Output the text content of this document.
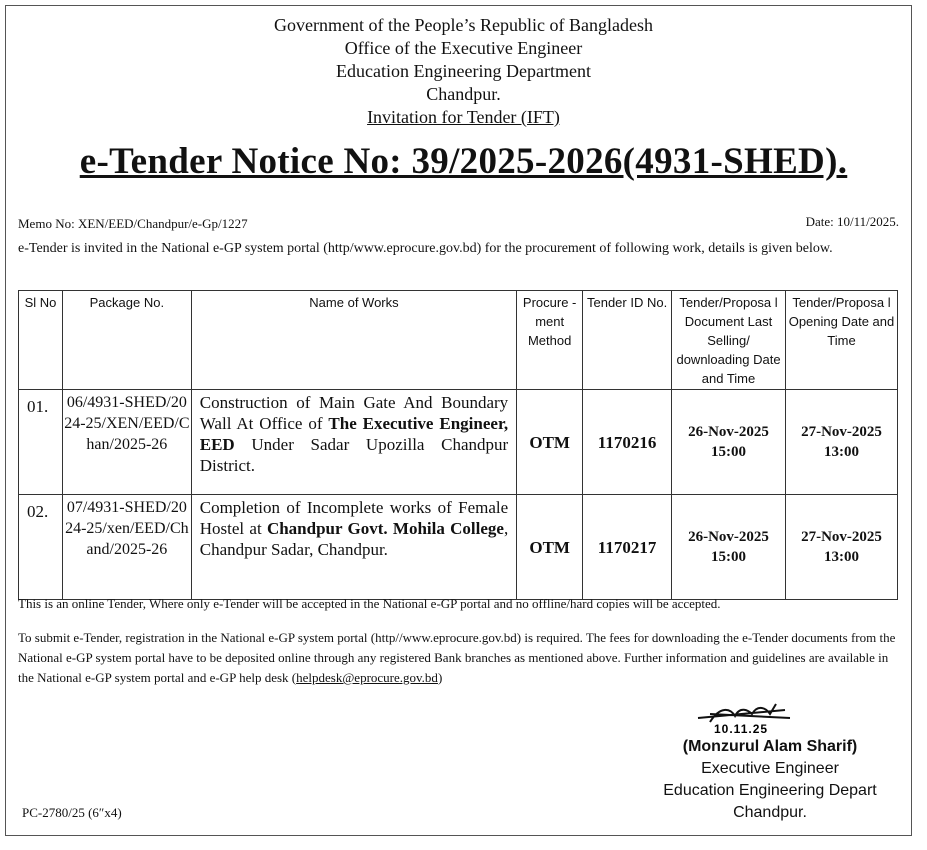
Government of the People’s Republic of Bangladesh
Office of the Executive Engineer
Education Engineering Department
Chandpur.
Invitation for Tender (IFT)
e-Tender Notice No: 39/2025-2026(4931-SHED).
Memo No: XEN/EED/Chandpur/e-Gp/1227	Date: 10/11/2025.
e-Tender is invited in the National e-GP system portal (http/www.eprocure.gov.bd) for the procurement of following work, details is given below.
Sl No	Package No.	Name of Works	Procure -ment Method	Tender ID No.	Tender/Proposa l Document Last Selling/ downloading Date and Time	Tender/Proposa l Opening Date and Time
01.	06/4931-SHED/2024-25/XEN/EED/Chan/2025-26	Construction of Main Gate And Boundary Wall At Office of The Executive Engineer, EED Under Sadar Upozilla Chandpur District.	OTM	1170216	26-Nov-2025 15:00	27-Nov-2025 13:00
02.	07/4931-SHED/2024-25/xen/EED/Chand/2025-26	Completion of Incomplete works of Female Hostel at Chandpur Govt. Mohila College, Chandpur Sadar, Chandpur.	OTM	1170217	26-Nov-2025 15:00	27-Nov-2025 13:00
This is an online Tender, Where only e-Tender will be accepted in the National e-GP portal and no offline/hard copies will be accepted.
To submit e-Tender, registration in the National e-GP system portal (http//www.eprocure.gov.bd) is required. The fees for downloading the e-Tender documents from the National e-GP system portal have to be deposited online through any registered Bank branches as mentioned above. Further information and guidelines are available in the National e-GP system portal and e-GP help desk (helpdesk@eprocure.gov.bd)
10.11.25
(Monzurul Alam Sharif)
Executive Engineer
Education Engineering Depart
Chandpur.
PC-2780/25 (6″x4)
